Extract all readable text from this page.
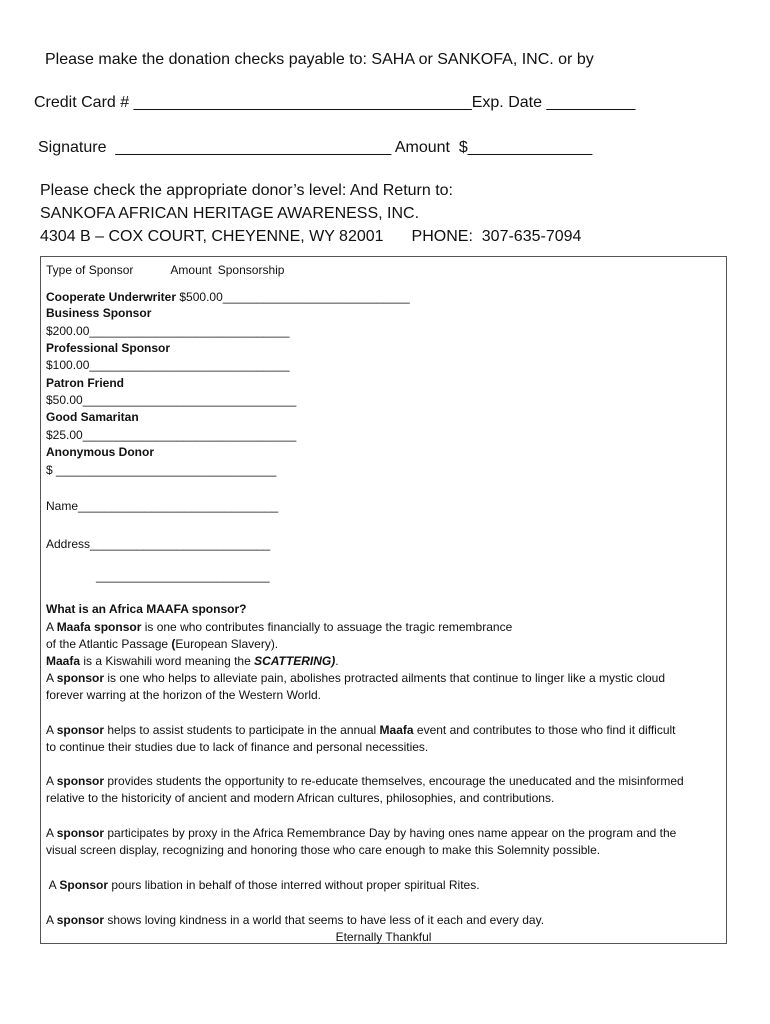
Please make the donation checks payable to: SAHA or SANKOFA, INC. or by
Credit Card # ______________________________________Exp. Date __________
Signature  _______________________________ Amount  $______________
Please check the appropriate donor’s level: And Return to:
SANKOFA AFRICAN HERITAGE AWARENESS, INC.
4304 B – COX COURT, CHEYENNE, WY 82001 PHONE:  307-635-7094
Type of Sponsor	Amount Sponsorship
Cooperate Underwriter $500.00____________________________
Business Sponsor
$200.00______________________________
Professional Sponsor
$100.00______________________________
Patron Friend
$50.00________________________________
Good Samaritan
$25.00________________________________
Anonymous Donor
$ _________________________________
Name______________________________
Address___________________________
__________________________
What is an Africa MAAFA sponsor?
A Maafa sponsor is one who contributes financially to assuage the tragic remembrance
of the Atlantic Passage (European Slavery).
Maafa is a Kiswahili word meaning the SCATTERING).
A sponsor is one who helps to alleviate pain, abolishes protracted ailments that continue to linger like a mystic cloud
forever warring at the horizon of the Western World.
A sponsor helps to assist students to participate in the annual Maafa event and contributes to those who find it difficult
to continue their studies due to lack of finance and personal necessities.
A sponsor provides students the opportunity to re-educate themselves, encourage the uneducated and the misinformed
relative to the historicity of ancient and modern African cultures, philosophies, and contributions.
A sponsor participates by proxy in the Africa Remembrance Day by having ones name appear on the program and the
visual screen display, recognizing and honoring those who care enough to make this Solemnity possible.
A Sponsor pours libation in behalf of those interred without proper spiritual Rites.
A sponsor shows loving kindness in a world that seems to have less of it each and every day.
Eternally Thankful
